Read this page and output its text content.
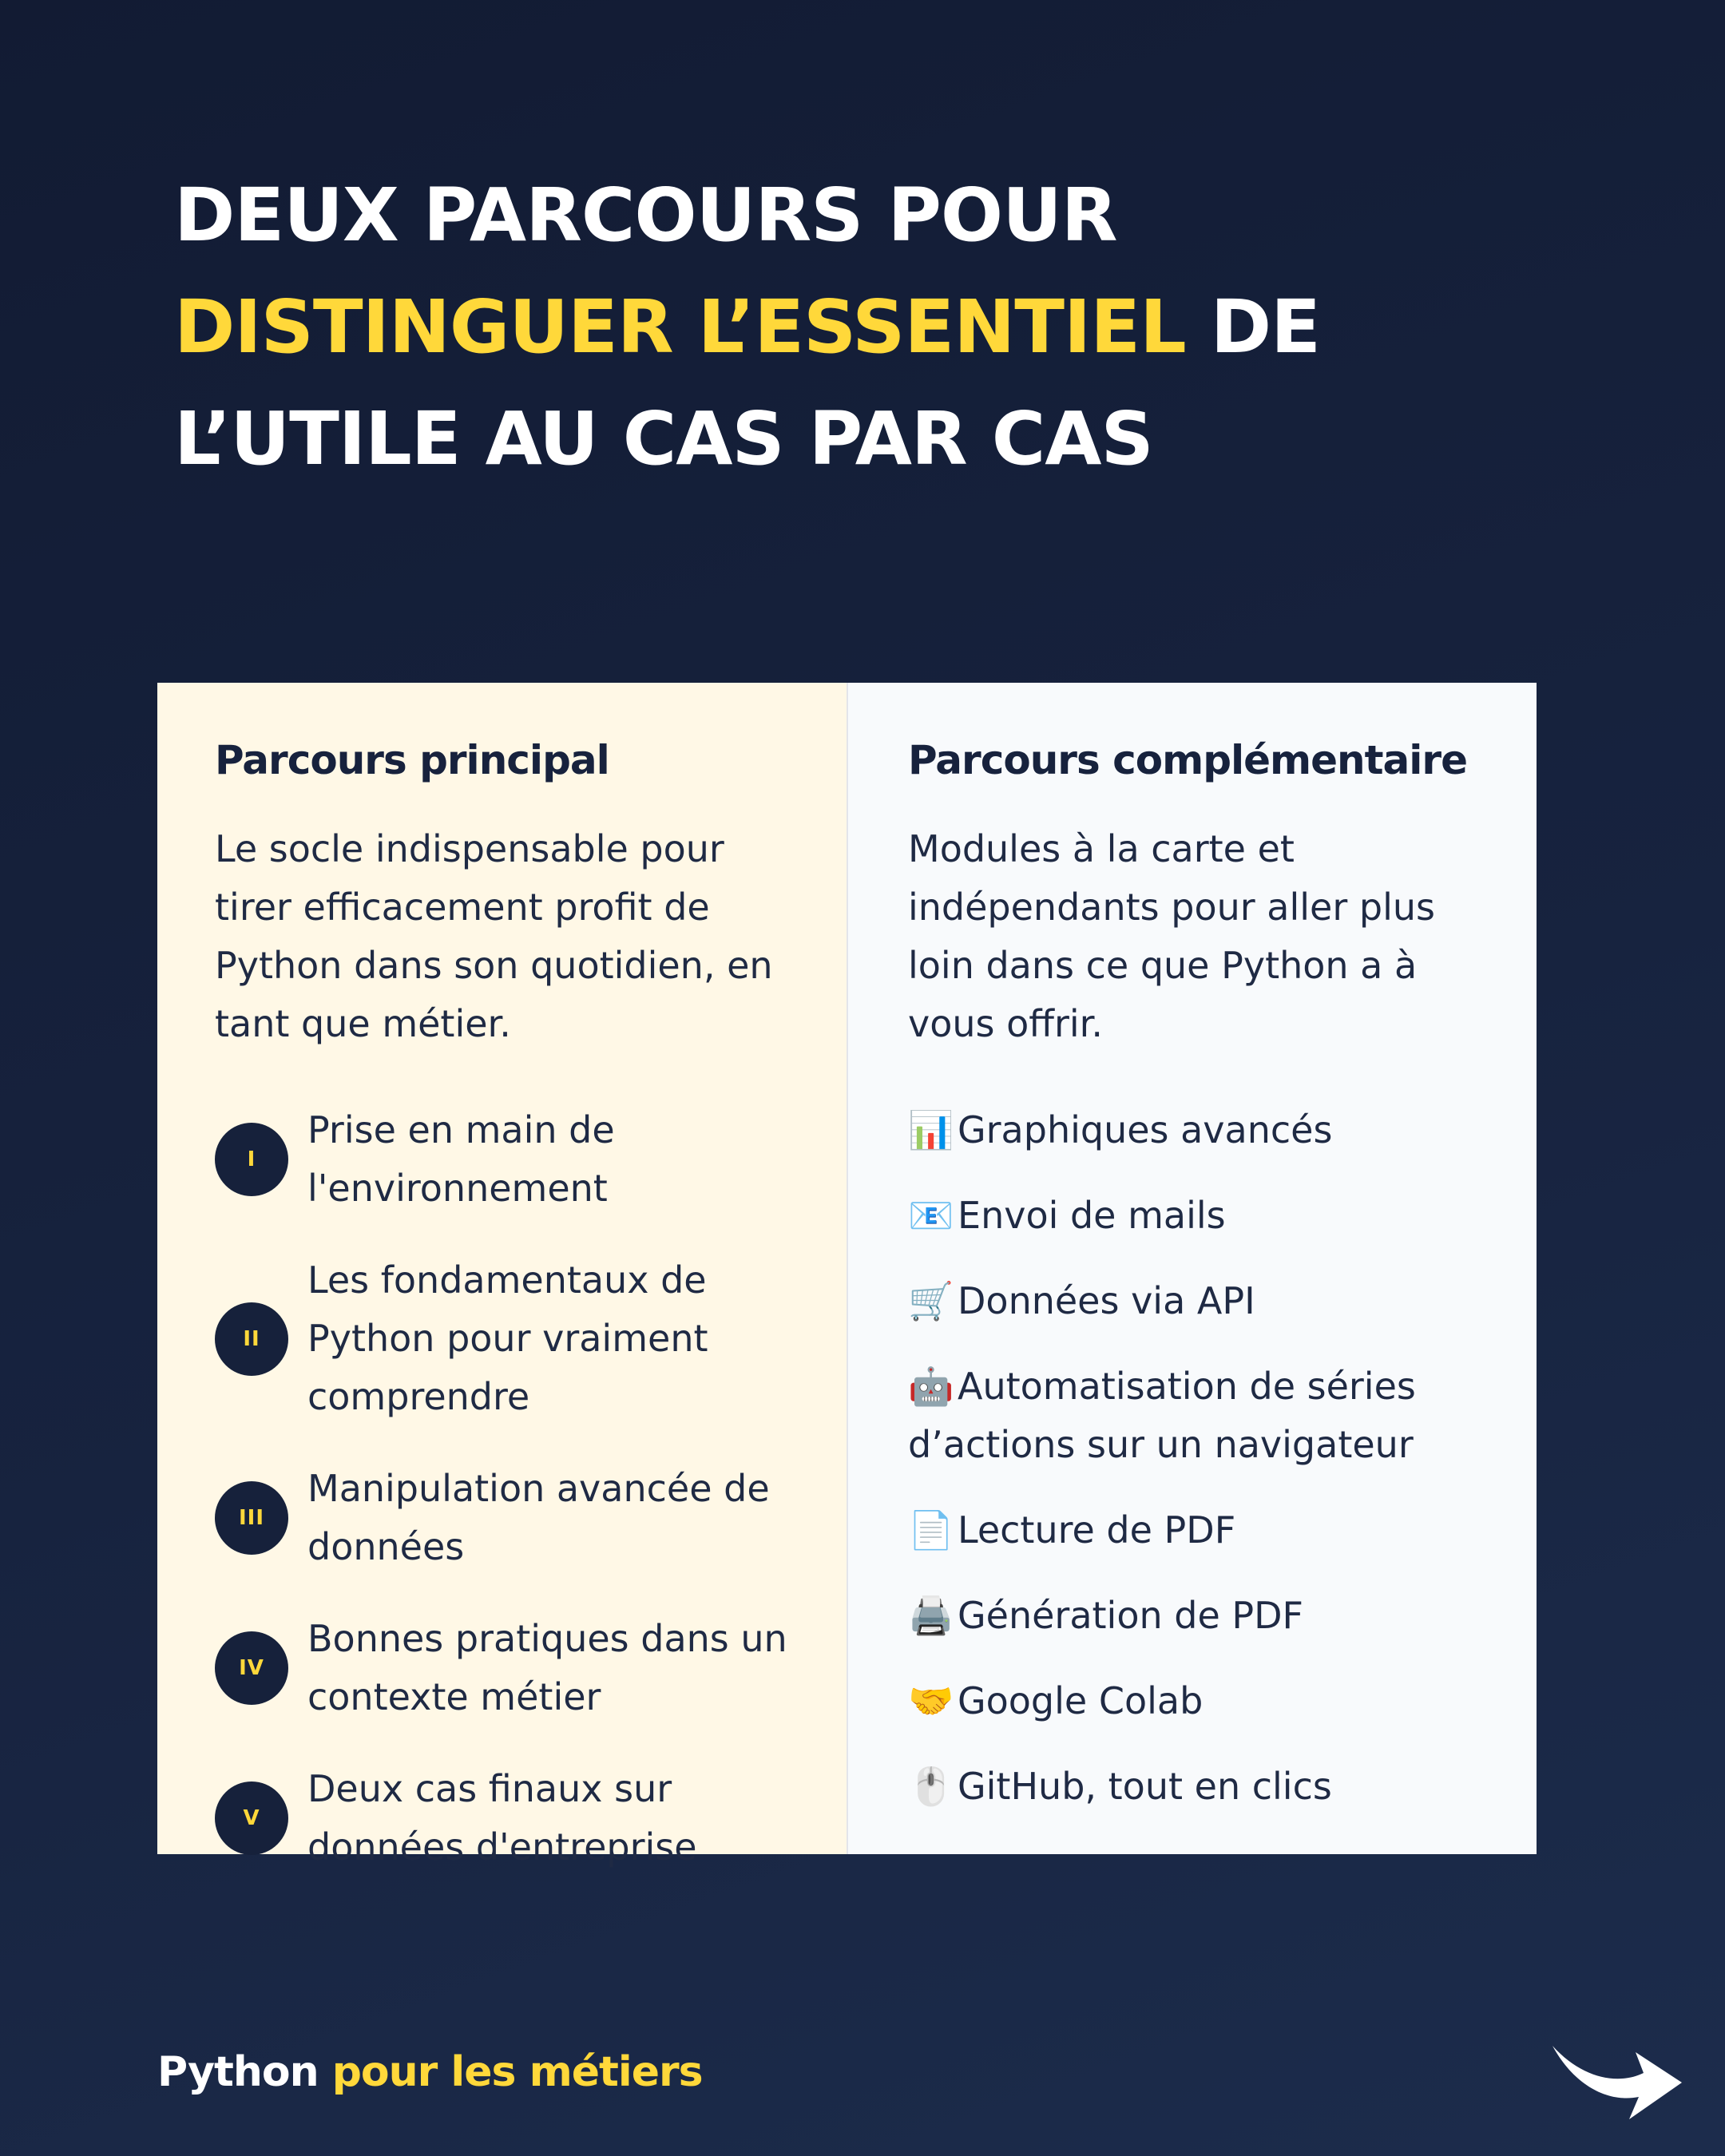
DEUX PARCOURS POUR DISTINGUER L’ESSENTIEL DE L’UTILE AU CAS PAR CAS
Parcours principal

Le socle indispensable pour tirer efficacement profit de Python dans son quotidien, en tant que métier.

I
Prise en main de l'environnement
II
Les fondamentaux de Python pour vraiment comprendre
III
Manipulation avancée de données
IV
Bonnes pratiques dans un contexte métier
V
Deux cas finaux sur données d'entreprise
Parcours complémentaire

Modules à la carte et indépendants pour aller plus loin dans ce que Python a à vous offrir.

📊 Graphiques avancés
📧 Envoi de mails
🛒 Données via API
🤖 Automatisation de séries d’actions sur un navigateur
📄 Lecture de PDF
🖨️ Génération de PDF
🤝 Google Colab
🖱️ GitHub, tout en clics
Python pour les métiers
